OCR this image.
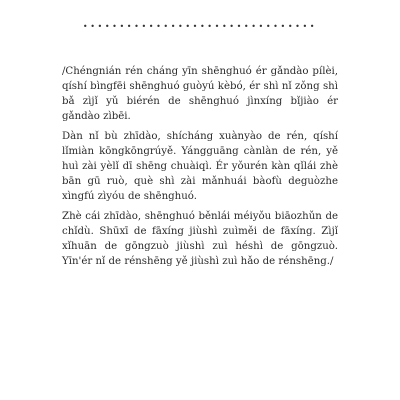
••••••••••••••••••••••••••••••••

/Chéngnián rén cháng yīn shēnghuó ér gǎndào pílèi, qíshí bìngfēi shēnghuó guòyú kèbó, ér shì nǐ zǒng shì bǎ zìjǐ yǔ biérén de shēnghuó jìnxíng bǐjiào ér gǎndào zìbēi.

Dàn nǐ bù zhīdào, shícháng xuànyào de rén, qíshí lǐmiàn kōngkōngrúyě. Yángguāng cànlàn de rén, yě huì zài yèlǐ dī shēng chuàiqì. Ér yǒurén kàn qǐlái zhè bān gū ruò, què shì zài mǎnhuái bàofù deguòzhe xìngfú zìyóu de shēnghuó.

Zhè cái zhīdào, shēnghuó běnlái méiyǒu biāozhǔn de chǐdù. Shūxī de fāxíng jiùshì zuìměi de fāxíng. Zìjǐ xǐhuān de gōngzuò jiùshì zuì héshì de gōngzuò. Yīn'ér nǐ de rénshēng yě jiùshì zuì hǎo de rénshēng./
